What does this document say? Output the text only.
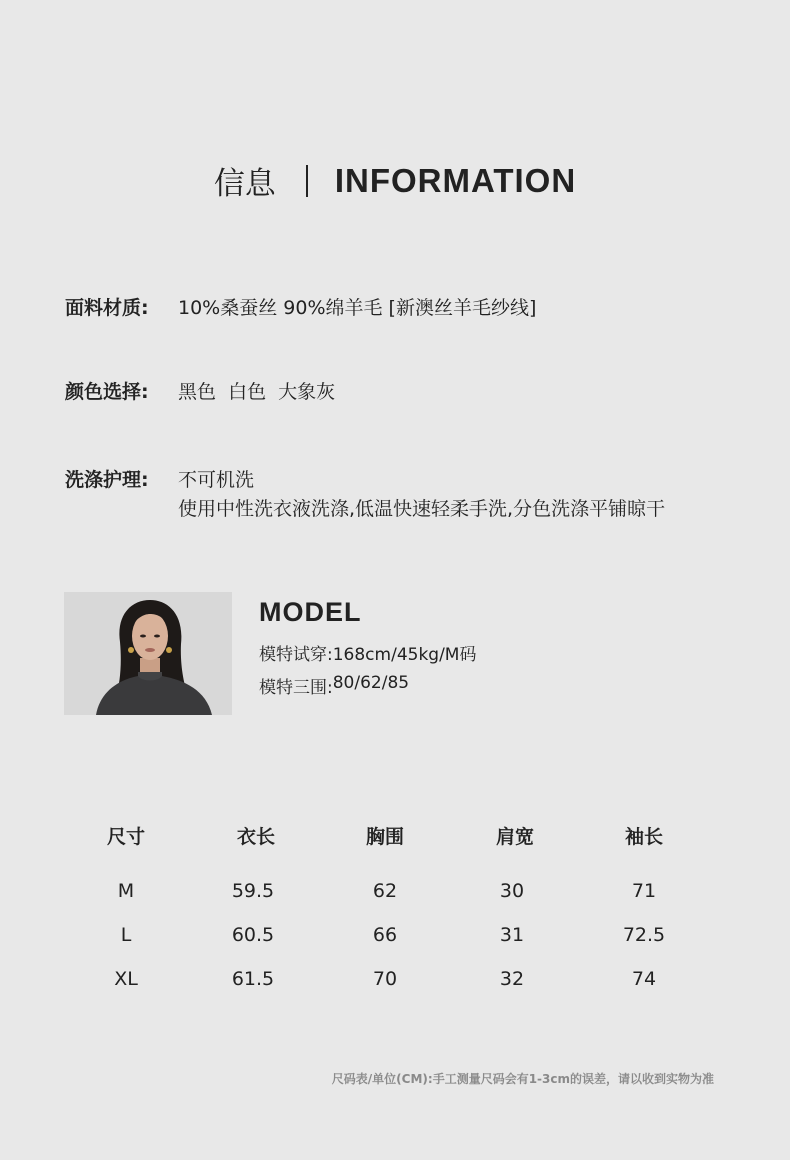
信息 INFORMATION
面料材质:	10%桑蚕丝 90%绵羊毛 [新澳丝羊毛纱线]
颜色选择:	黑色  白色  大象灰
洗涤护理:	不可机洗
使用中性洗衣液洗涤,低温快速轻柔手洗,分色洗涤平铺晾干
MODEL
模特试穿: 168cm/45kg/M码
模特三围: 80/62/85
尺寸	衣长	胸围	肩宽	袖长
M	59.5	62	30	71
L	60.5	66	31	72.5
XL	61.5	70	32	74
尺码表/单位(CM):手工测量尺码会有1-3cm的误差，请以收到实物为准
